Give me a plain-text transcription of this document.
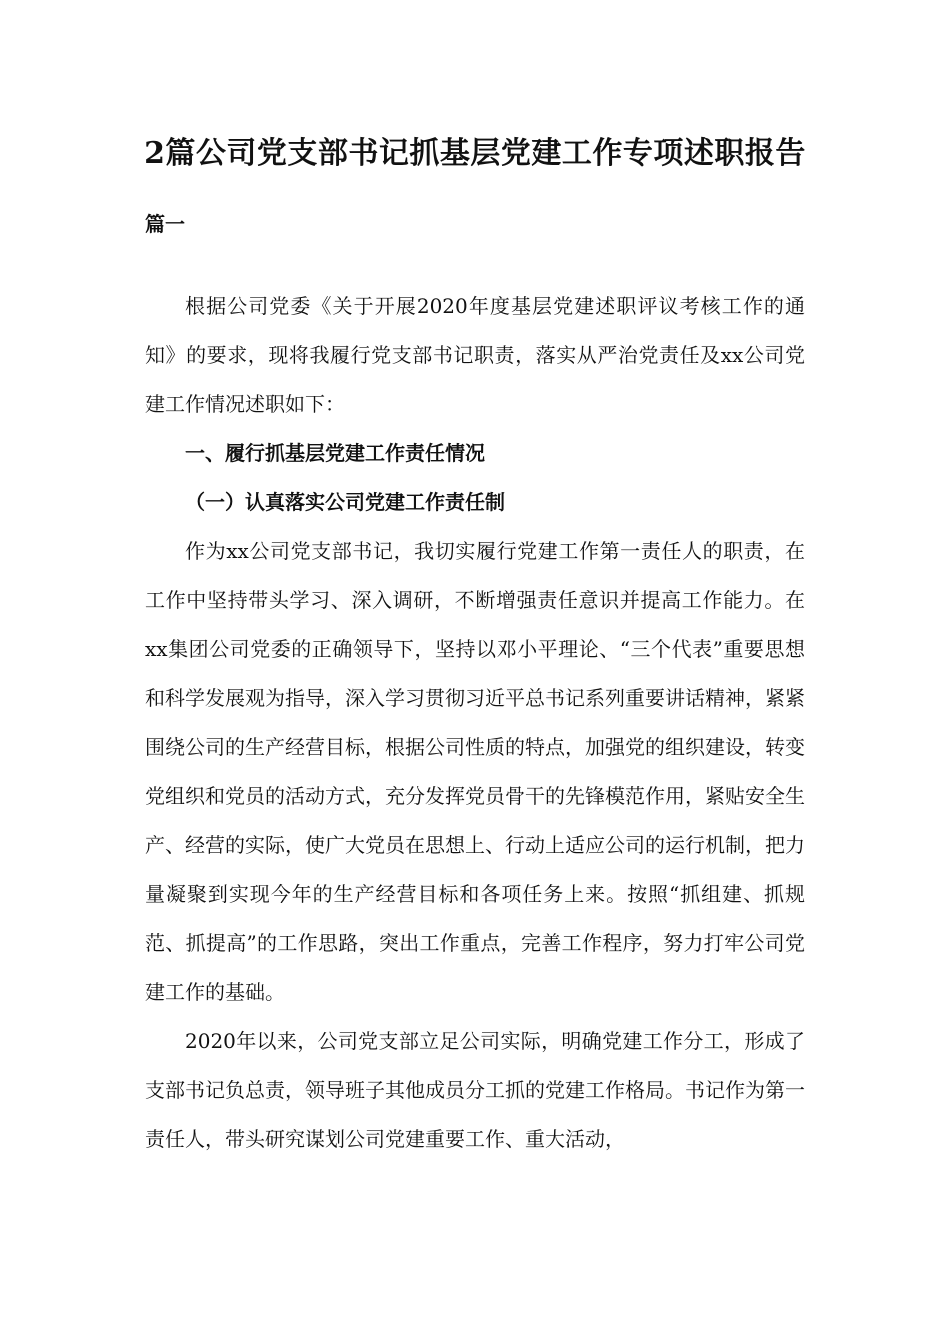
2篇公司党支部书记抓基层党建工作专项述职报告
篇一

根据公司党委《关于开展2020年度基层党建述职评议考核工作的通知》的要求，现将我履行党支部书记职责，落实从严治党责任及xx公司党建工作情况述职如下：

一、履行抓基层党建工作责任情况

（一）认真落实公司党建工作责任制

作为xx公司党支部书记，我切实履行党建工作第一责任人的职责，在工作中坚持带头学习、深入调研，不断增强责任意识并提高工作能力。在xx集团公司党委的正确领导下，坚持以邓小平理论、“三个代表”重要思想和科学发展观为指导，深入学习贯彻习近平总书记系列重要讲话精神，紧紧围绕公司的生产经营目标，根据公司性质的特点，加强党的组织建设，转变党组织和党员的活动方式，充分发挥党员骨干的先锋模范作用，紧贴安全生产、经营的实际，使广大党员在思想上、行动上适应公司的运行机制，把力量凝聚到实现今年的生产经营目标和各项任务上来。按照“抓组建、抓规范、抓提高”的工作思路，突出工作重点，完善工作程序，努力打牢公司党建工作的基础。

2020年以来，公司党支部立足公司实际，明确党建工作分工，形成了支部书记负总责，领导班子其他成员分工抓的党建工作格局。书记作为第一责任人，带头研究谋划公司党建重要工作、重大活动，
